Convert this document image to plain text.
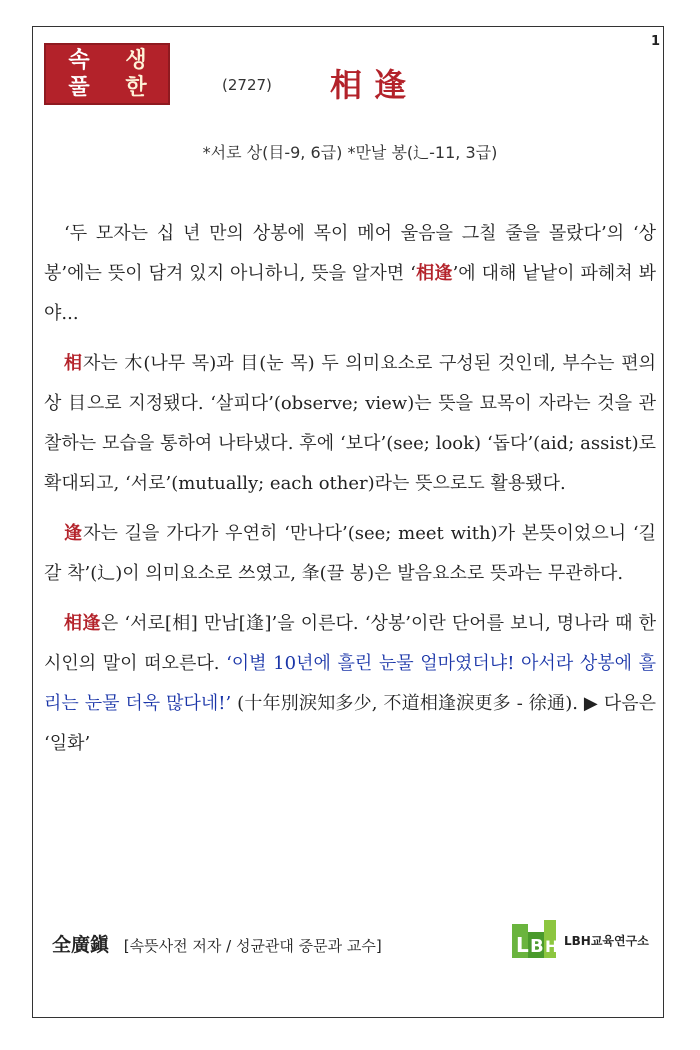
1
속 생
풀 한	(2727) 相逢
*서로 상(目-9, 6급) *만날 봉(辶-11, 3급)

‘두 모자는 십 년 만의 상봉에 목이 메어 울음을 그칠 줄을 몰랐다’의 ‘상봉’에는 뜻이 담겨 있지 아니하니, 뜻을 알자면 ‘相逢’에 대해 낱낱이 파헤쳐 봐야...

相자는 木(나무 목)과 目(눈 목) 두 의미요소로 구성된 것인데, 부수는 편의상 目으로 지정됐다. ‘살피다’(observe; view)는 뜻을 묘목이 자라는 것을 관찰하는 모습을 통하여 나타냈다. 후에 ‘보다’(see; look) ‘돕다’(aid; assist)로 확대되고, ‘서로’(mutually; each other)라는 뜻으로도 활용됐다.

逢자는 길을 가다가 우연히 ‘만나다’(see; meet with)가 본뜻이었으니 ‘길갈 착’(辶)이 의미요소로 쓰였고, 夆(끌 봉)은 발음요소로 뜻과는 무관하다.

相逢은 ‘서로[相] 만남[逢]’을 이른다. ‘상봉’이란 단어를 보니, 명나라 때 한 시인의 말이 떠오른다. ‘이별 10년에 흘린 눈물 얼마였더냐! 아서라 상봉에 흘리는 눈물 더욱 많다네!’ (十年別淚知多少, 不道相逢淚更多 - 徐通). ▶ 다음은 ‘일화’

全廣鎭 [속뜻사전 저자 / 성균관대 중문과 교수]	L B H LBH교육연구소
